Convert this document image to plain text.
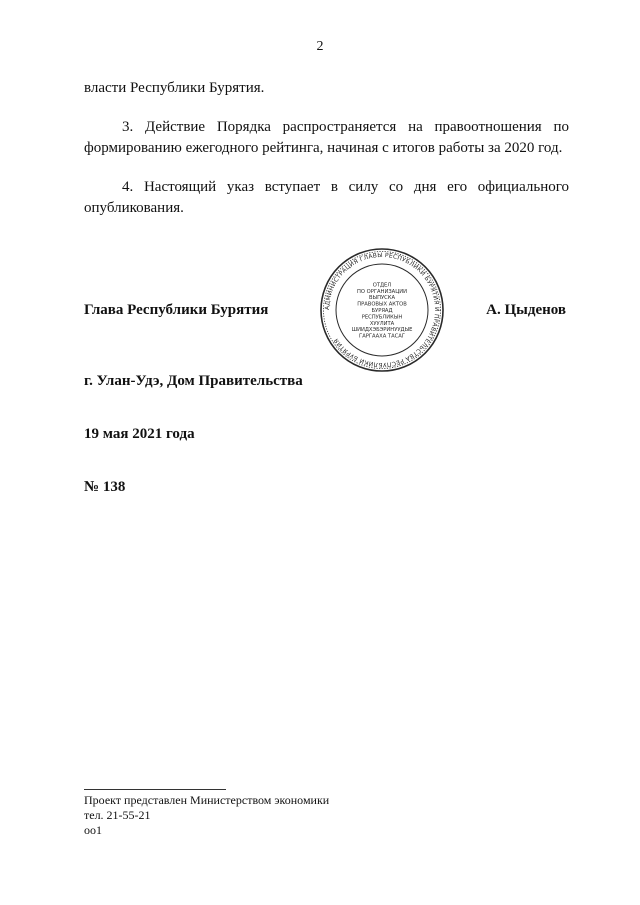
2
власти Республики Бурятия.
3. Действие Порядка распространяется на правоотношения по формированию ежегодного рейтинга, начиная с итогов работы за 2020 год.
4. Настоящий указ вступает в силу со дня его официального опубликования.
Глава Республики Бурятия	АДМИНИСТРАЦИЯ ГЛАВЫ РЕСПУБЛИКИ БУРЯТИЯ И ПРАВИТЕЛЬСТВА РЕСПУБЛИКИ БУРЯТИЯ
ОТДЕЛ
ПО ОРГАНИЗАЦИИ
ВЫПУСКА
ПРАВОВЫХ АКТОВ
БУРЯАД
РЕСПУБЛИКЫН
ХУУЛИТА
ШИИДХЭБЭРИНУУДЫЕ
ГАРГААХА ТАСАГ
А. Цыденов
г. Улан-Удэ, Дом Правительства
19 мая 2021 года
№ 138
Проект представлен Министерством экономики
тел. 21-55-21
оо1
